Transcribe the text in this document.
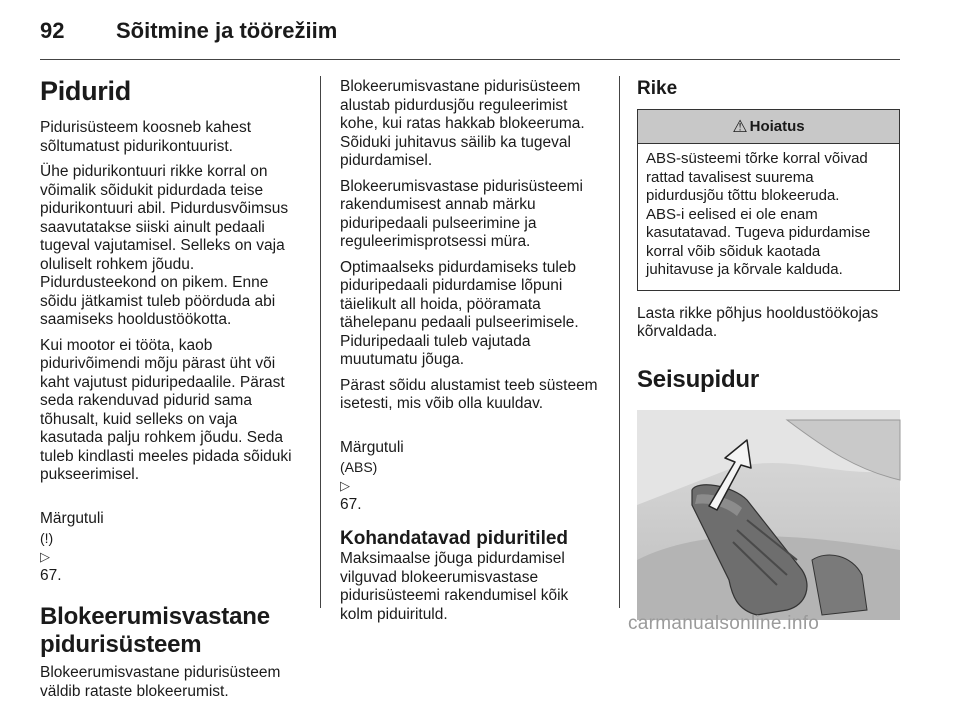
92	Sõitmine ja töörežiim
Pidurid
Pidurisüsteem koosneb kahest
sõltumatust pidurikontuurist.
Ühe pidurikontuuri rikke korral on
võimalik sõidukit pidurdada teise
pidurikontuuri abil. Pidurdusvõimsus
saavutatakse siiski ainult pedaali
tugeval vajutamisel. Selleks on vaja
oluliselt rohkem jõudu.
Pidurdusteekond on pikem. Enne
sõidu jätkamist tuleb pöörduda abi
saamiseks hooldustöökotta.
Kui mootor ei tööta, kaob
pidurivõimendi mõju pärast üht või
kaht vajutust piduripedaalile. Pärast
seda rakenduvad pidurid sama
tõhusalt, kuid selleks on vaja
kasutada palju rohkem jõudu. Seda
tuleb kindlasti meeles pidada sõiduki
pukseerimisel.

Märgutuli
(!)
▷
67.

Blokeerumisvastane
pidurisüsteem
Blokeerumisvastane pidurisüsteem
väldib rataste blokeerumist.
Blokeerumisvastane pidurisüsteem
alustab pidurdusjõu reguleerimist
kohe, kui ratas hakkab blokeeruma.
Sõiduki juhitavus säilib ka tugeval
pidurdamisel.
Blokeerumisvastase pidurisüsteemi
rakendumisest annab märku
piduripedaali pulseerimine ja
reguleerimisprotsessi müra.
Optimaalseks pidurdamiseks tuleb
piduripedaali pidurdamise lõpuni
täielikult all hoida, pööramata
tähelepanu pedaali pulseerimisele.
Piduripedaali tuleb vajutada
muutumatu jõuga.
Pärast sõidu alustamist teeb süsteem
isetesti, mis võib olla kuuldav.

Märgutuli
(ABS)
▷
67.

Kohandatavad piduritiled
Maksimaalse jõuga pidurdamisel
vilguvad blokeerumisvastase
pidurisüsteemi rakendumisel kõik
kolm piduirituld.
Rike
⚠ Hoiatus
ABS-süsteemi tõrke korral võivad
rattad tavalisest suurema
pidurdusjõu tõttu blokeeruda.
ABS-i eelised ei ole enam
kasutatavad. Tugeva pidurdamise
korral võib sõiduk kaotada
juhitavuse ja kõrvale kalduda.
Lasta rikke põhjus hooldustöökojas
kõrvaldada.
Seisupidur
carmanualsonline.info
